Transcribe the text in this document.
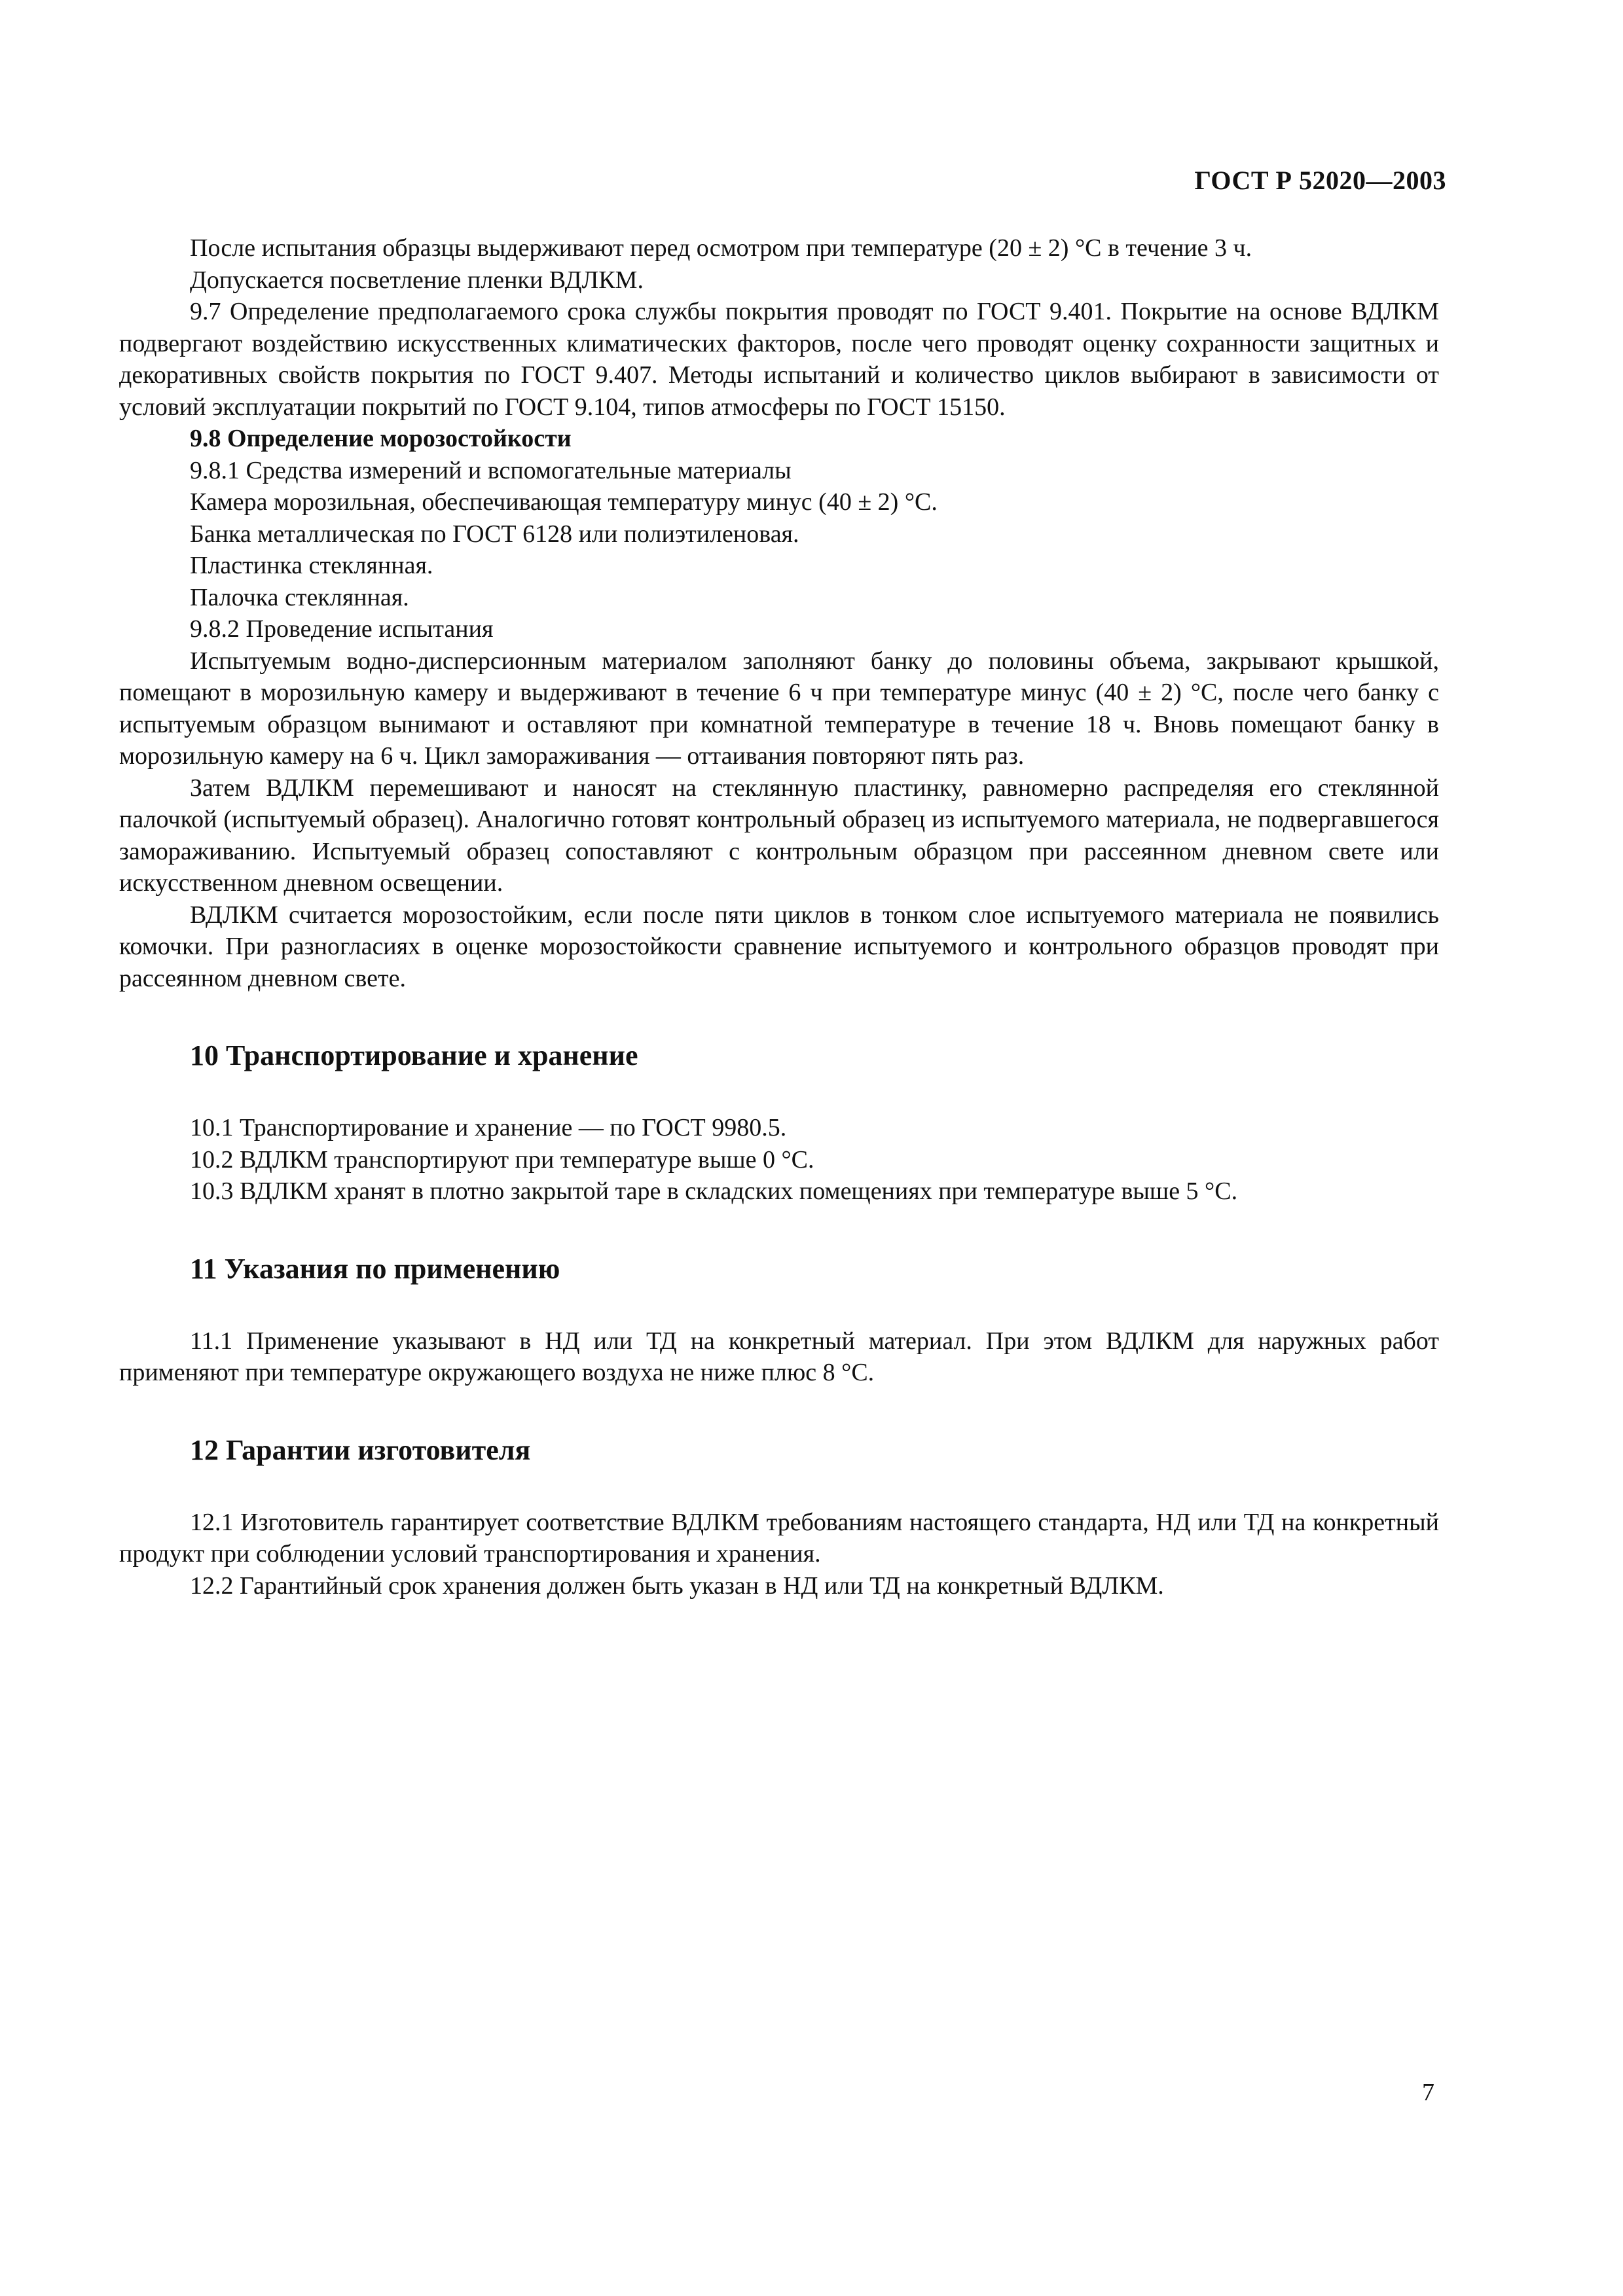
ГОСТ Р 52020—2003

После испытания образцы выдерживают перед осмотром при температуре (20 ± 2) °С в течение 3 ч.

Допускается посветление пленки ВДЛКМ.

9.7 Определение предполагаемого срока службы покрытия проводят по ГОСТ 9.401. Покрытие на основе ВДЛКМ подвергают воздействию искусственных климатических факторов, после чего проводят оценку сохранности защитных и декоративных свойств покрытия по ГОСТ 9.407. Методы испытаний и количество циклов выбирают в зависимости от условий эксплуатации покрытий по ГОСТ 9.104, типов атмосферы по ГОСТ 15150.

9.8 Определение морозостойкости

9.8.1 Средства измерений и вспомогательные материалы

Камера морозильная, обеспечивающая температуру минус (40 ± 2) °С.

Банка металлическая по ГОСТ 6128 или полиэтиленовая.

Пластинка стеклянная.

Палочка стеклянная.

9.8.2 Проведение испытания

Испытуемым водно-дисперсионным материалом заполняют банку до половины объема, закрывают крышкой, помещают в морозильную камеру и выдерживают в течение 6 ч при температуре минус (40 ± 2) °С, после чего банку с испытуемым образцом вынимают и оставляют при комнатной температуре в течение 18 ч. Вновь помещают банку в морозильную камеру на 6 ч. Цикл замораживания — оттаивания повторяют пять раз.

Затем ВДЛКМ перемешивают и наносят на стеклянную пластинку, равномерно распределяя его стеклянной палочкой (испытуемый образец). Аналогично готовят контрольный образец из испытуемого материала, не подвергавшегося замораживанию. Испытуемый образец сопоставляют с контрольным образцом при рассеянном дневном свете или искусственном дневном освещении.

ВДЛКМ считается морозостойким, если после пяти циклов в тонком слое испытуемого материала не появились комочки. При разногласиях в оценке морозостойкости сравнение испытуемого и контрольного образцов проводят при рассеянном дневном свете.

10 Транспортирование и хранение

10.1 Транспортирование и хранение — по ГОСТ 9980.5.

10.2 ВДЛКМ транспортируют при температуре выше 0 °С.

10.3 ВДЛКМ хранят в плотно закрытой таре в складских помещениях при температуре выше 5 °С.

11 Указания по применению

11.1 Применение указывают в НД или ТД на конкретный материал. При этом ВДЛКМ для наружных работ применяют при температуре окружающего воздуха не ниже плюс 8 °С.

12 Гарантии изготовителя

12.1 Изготовитель гарантирует соответствие ВДЛКМ требованиям настоящего стандарта, НД или ТД на конкретный продукт при соблюдении условий транспортирования и хранения.

12.2 Гарантийный срок хранения должен быть указан в НД или ТД на конкретный ВДЛКМ.

7
